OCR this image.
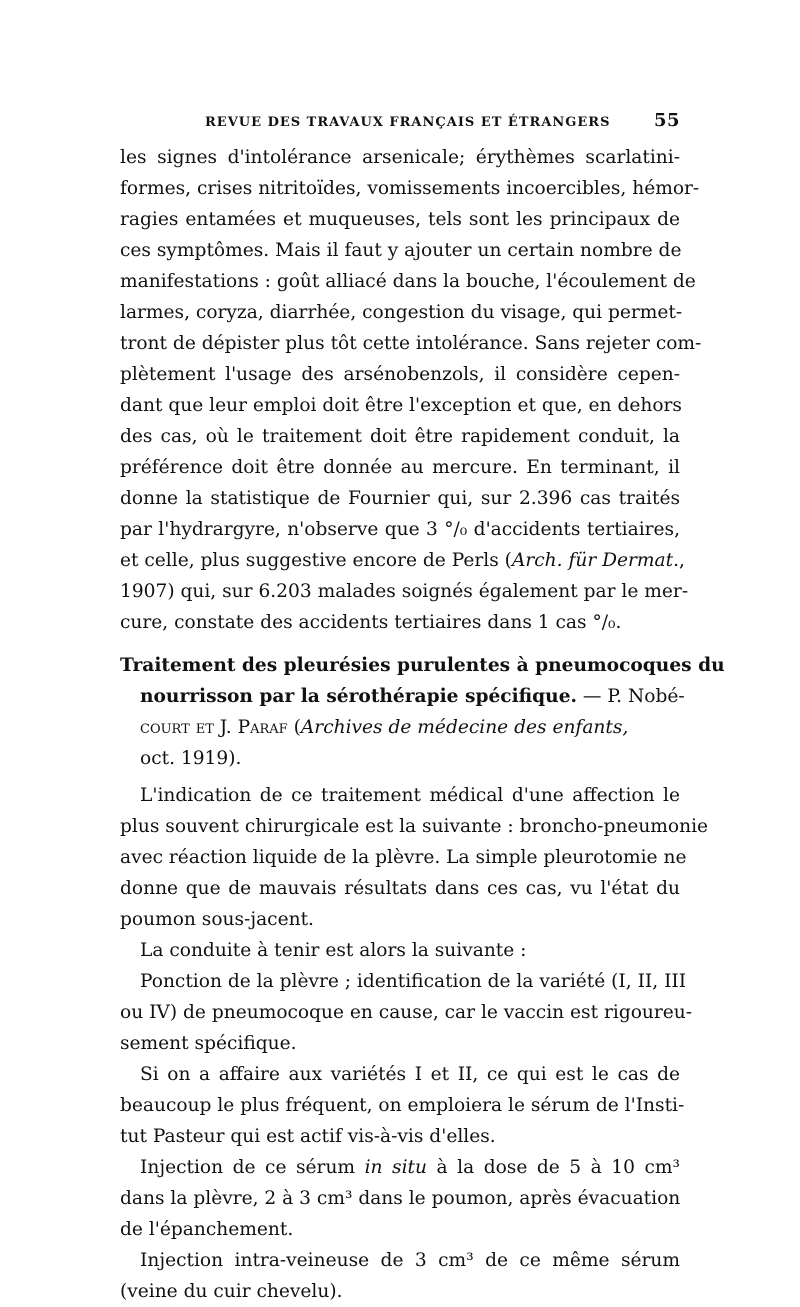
REVUE DES TRAVAUX FRANÇAIS ET ÉTRANGERS 55
les signes d'intolérance arsenicale; érythèmes scarlatini-
formes, crises nitritoïdes, vomissements incoercibles, hémor-
ragies entamées et muqueuses, tels sont les principaux de
ces symptômes. Mais il faut y ajouter un certain nombre de
manifestations : goût alliacé dans la bouche, l'écoulement de
larmes, coryza, diarrhée, congestion du visage, qui permet-
tront de dépister plus tôt cette intolérance. Sans rejeter com-
plètement l'usage des arsénobenzols, il considère cepen-
dant que leur emploi doit être l'exception et que, en dehors
des cas, où le traitement doit être rapidement conduit, la
préférence doit être donnée au mercure. En terminant, il
donne la statistique de Fournier qui, sur 2.396 cas traités
par l'hydrargyre, n'observe que 3 °/₀ d'accidents tertiaires,
et celle, plus suggestive encore de Perls (Arch. für Dermat.,
1907) qui, sur 6.203 malades soignés également par le mer-
cure, constate des accidents tertiaires dans 1 cas °/₀.
Traitement des pleurésies purulentes à pneumocoques du
nourrisson par la sérothérapie spécifique. — P. Nobé-
court et J. Paraf (Archives de médecine des enfants,
oct. 1919).
L'indication de ce traitement médical d'une affection le
plus souvent chirurgicale est la suivante : broncho-pneumonie
avec réaction liquide de la plèvre. La simple pleurotomie ne
donne que de mauvais résultats dans ces cas, vu l'état du
poumon sous-jacent.
La conduite à tenir est alors la suivante :
Ponction de la plèvre ; identification de la variété (I, II, III
ou IV) de pneumocoque en cause, car le vaccin est rigoureu-
sement spécifique.
Si on a affaire aux variétés I et II, ce qui est le cas de
beaucoup le plus fréquent, on emploiera le sérum de l'Insti-
tut Pasteur qui est actif vis-à-vis d'elles.
Injection de ce sérum in situ à la dose de 5 à 10 cm³
dans la plèvre, 2 à 3 cm³ dans le poumon, après évacuation
de l'épanchement.
Injection intra-veineuse de 3 cm³ de ce même sérum
(veine du cuir chevelu).
